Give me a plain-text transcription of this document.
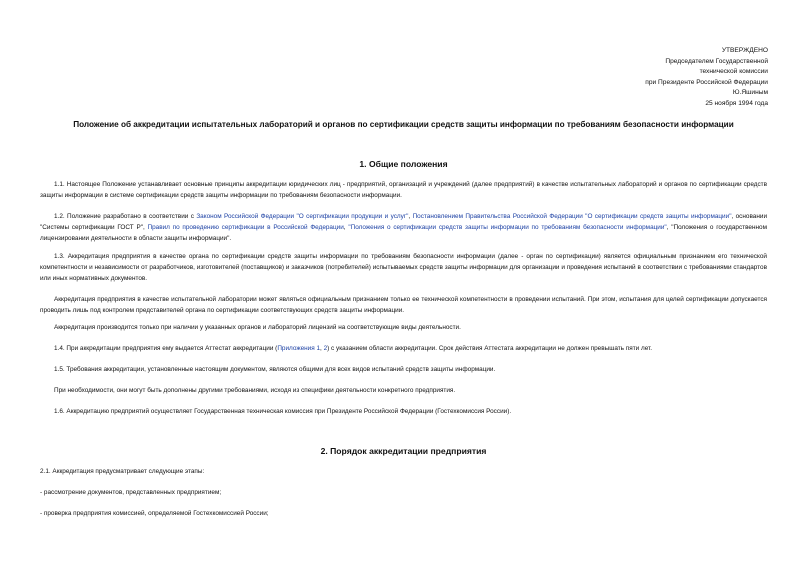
УТВЕРЖДЕНО
Председателем Государственной
технической комиссии
при Президенте Российской Федерации
Ю.Яшиным
25 ноября 1994 года
Положение об аккредитации испытательных лабораторий и органов по сертификации средств защиты информации по требованиям безопасности информации
1. Общие положения
1.1. Настоящее Положение устанавливает основные принципы аккредитации юридических лиц - предприятий, организаций и учреждений (далее предприятий) в качестве испытательных лабораторий и органов по сертификации средств защиты информации в системе сертификации средств защиты информации по требованиям безопасности информации.
1.2. Положение разработано в соответствии с Законом Российской Федерации "О сертификации продукции и услуг", Постановлением Правительства Российской Федерации "О сертификации средств защиты информации", основании "Системы сертификации ГОСТ Р", Правил по проведению сертификации в Российской Федерации, "Положения о сертификации средств защиты информации по требованиям безопасности информации", "Положения о государственном лицензировании деятельности в области защиты информации".
1.3. Аккредитация предприятия в качестве органа по сертификации средств защиты информации по требованиям безопасности информации (далее - орган по сертификации) является официальным признанием его технической компетентности и независимости от разработчиков, изготовителей (поставщиков) и заказчиков (потребителей) испытываемых средств защиты информации для организации и проведения испытаний в соответствии с требованиями стандартов или иных нормативных документов.
Аккредитация предприятия в качестве испытательной лаборатории может являться официальным признанием только ее технической компетентности в проведении испытаний. При этом, испытания для целей сертификации допускается проводить лишь под контролем представителей органа по сертификации соответствующих средств защиты информации.
Аккредитация производится только при наличии у указанных органов и лабораторий лицензий на соответствующие виды деятельности.
1.4. При аккредитации предприятия ему выдается Аттестат аккредитации (Приложения 1, 2) с указанием области аккредитации. Срок действия Аттестата аккредитации не должен превышать пяти лет.
1.5. Требования аккредитации, установленные настоящим документом, являются общими для всех видов испытаний средств защиты информации.
При необходимости, они могут быть дополнены другими требованиями, исходя из специфики деятельности конкретного предприятия.
1.6. Аккредитацию предприятий осуществляет Государственная техническая комиссия при Президенте Российской Федерации (Гостехкомиссия России).
2. Порядок аккредитации предприятия
2.1. Аккредитация предусматривает следующие этапы:
- рассмотрение документов, представленных предприятием;
- проверка предприятия комиссией, определяемой Гостехкомиссией России;
